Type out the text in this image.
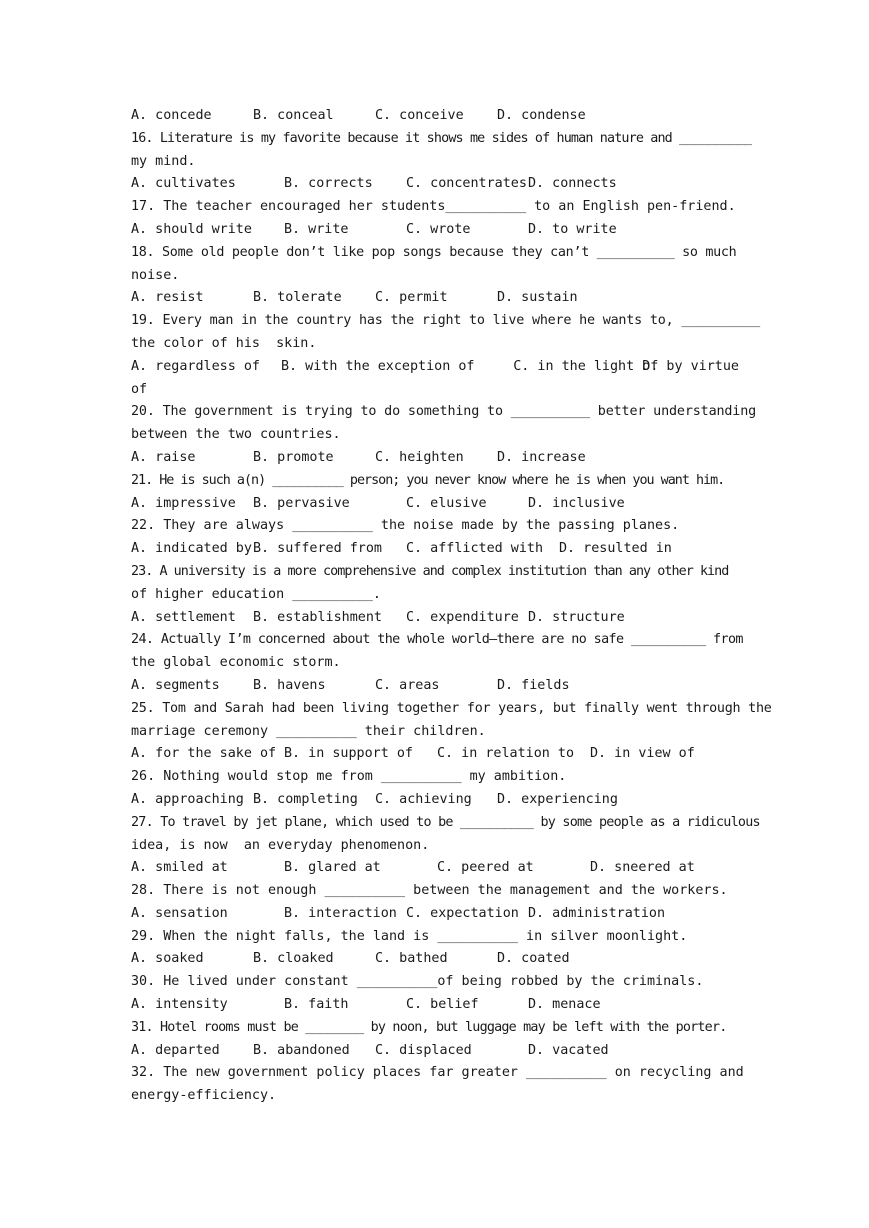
A. concede	B. conceal	C. conceive	D. condense
16. Literature is my favorite because it shows me sides of human nature and __________
my mind.
A. cultivates	B. corrects	C. concentrates D. connects
17. The teacher encouraged her students__________ to an English pen-friend.
A. should write	B. write	C. wrote	D. to write
18. Some old people don’t like pop songs because they can’t __________ so much
noise.
A. resist	B. tolerate	C. permit	D. sustain
19. Every man in the country has the right to live where he wants to, __________
the color of his  skin.
A. regardless of	B. with the exception of	C. in the light of
D. by virtue
of
20. The government is trying to do something to __________ better understanding
between the two countries.
A. raise	B. promote	C. heighten	D. increase
21. He is such a(n) __________ person; you never know where he is when you want him.
A. impressive	B. pervasive	C. elusive	D. inclusive
22. They are always __________ the noise made by the passing planes.
A. indicated by B. suffered from	C. afflicted with	D. resulted in
23. A university is a more comprehensive and complex institution than any other kind
of higher education __________.
A. settlement	B. establishment	C. expenditure D. structure
24. Actually I’m concerned about the whole world—there are no safe __________ from
the global economic storm.
A. segments	B. havens	C. areas	D. fields
25. Tom and Sarah had been living together for years, but finally went through the
marriage ceremony __________ their children.
A. for the sake of B. in support of	C. in relation to	D. in view of
26. Nothing would stop me from __________ my ambition.
A. approaching B. completing	C. achieving	D. experiencing
27. To travel by jet plane, which used to be __________ by some people as a ridiculous
idea, is now  an everyday phenomenon.
A. smiled at	B. glared at	C. peered at	D. sneered at
28. There is not enough __________ between the management and the workers.
A. sensation	B. interaction C. expectation D. administration
29. When the night falls, the land is __________ in silver moonlight.
A. soaked	B. cloaked	C. bathed	D. coated
30. He lived under constant __________of being robbed by the criminals.
A. intensity	B. faith	C. belief	D. menace
31. Hotel rooms must be ________ by noon, but luggage may be left with the porter.
A. departed	B. abandoned	C. displaced	D. vacated
32. The new government policy places far greater __________ on recycling and
energy-efficiency.
